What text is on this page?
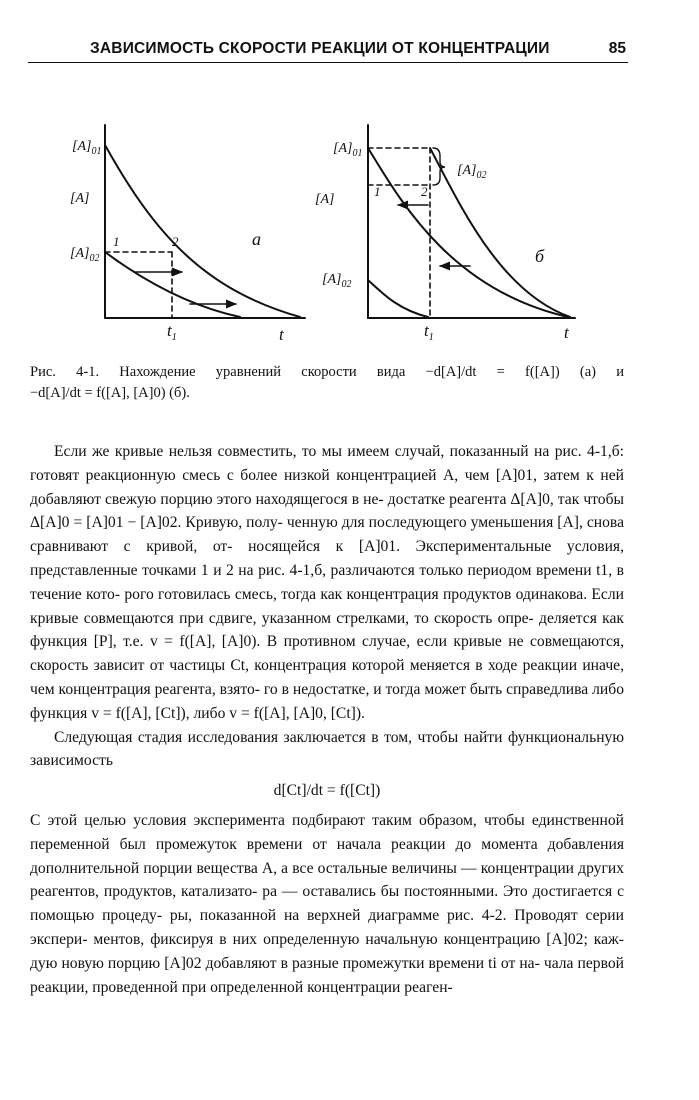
ЗАВИСИМОСТЬ СКОРОСТИ РЕАКЦИИ ОТ КОНЦЕНТРАЦИИ	85
$[A]_{01}$
[A]
$[A]_{02}$
1	2
$t_1$	t
a
$[A]_{01}$
[A]
$[A]_{02}$
$[A]_{02}$
1	2
$t_1$	t
б
Рис. 4-1. Нахождение уравнений скорости вида −d[A]/dt = f([A]) (a) и
−d[A]/dt = f([A], [A]0) (б).

Если же кривые нельзя совместить, то мы имеем случай, показанный на рис. 4-1,б: готовят реакционную смесь с более низкой концентрацией А, чем [А]01, затем к ней добавляют свежую порцию этого находящегося в не- достатке реагента Δ[А]0, так чтобы Δ[А]0 = [А]01 − [А]02. Кривую, полу- ченную для последующего уменьшения [А], снова сравнивают с кривой, от- носящейся к [А]01. Экспериментальные условия, представленные точками 1 и 2 на рис. 4-1,б, различаются только периодом времени t1, в течение кото- рого готовилась смесь, тогда как концентрация продуктов одинакова. Если кривые совмещаются при сдвиге, указанном стрелками, то скорость опре- деляется как функция [Р], т.е. v = f([A], [A]0). В противном случае, если кривые не совмещаются, скорость зависит от частицы Сt, концентрация которой меняется в ходе реакции иначе, чем концентрация реагента, взято- го в недостатке, и тогда может быть справедлива либо функция v = f([A], [Ct]), либо v = f([A], [A]0, [Ct]).

Следующая стадия исследования заключается в том, чтобы найти функциональную зависимость

d[Ct]/dt = f([Ct])

С этой целью условия эксперимента подбирают таким образом, чтобы единственной переменной был промежуток времени от начала реакции до момента добавления дополнительной порции вещества А, а все остальные величины — концентрации других реагентов, продуктов, катализато- ра — оставались бы постоянными. Это достигается с помощью процеду- ры, показанной на верхней диаграмме рис. 4-2. Проводят серии экспери- ментов, фиксируя в них определенную начальную концентрацию [А]02; каж- дую новую порцию [А]02 добавляют в разные промежутки времени ti от на- чала первой реакции, проведенной при определенной концентрации реаген-
